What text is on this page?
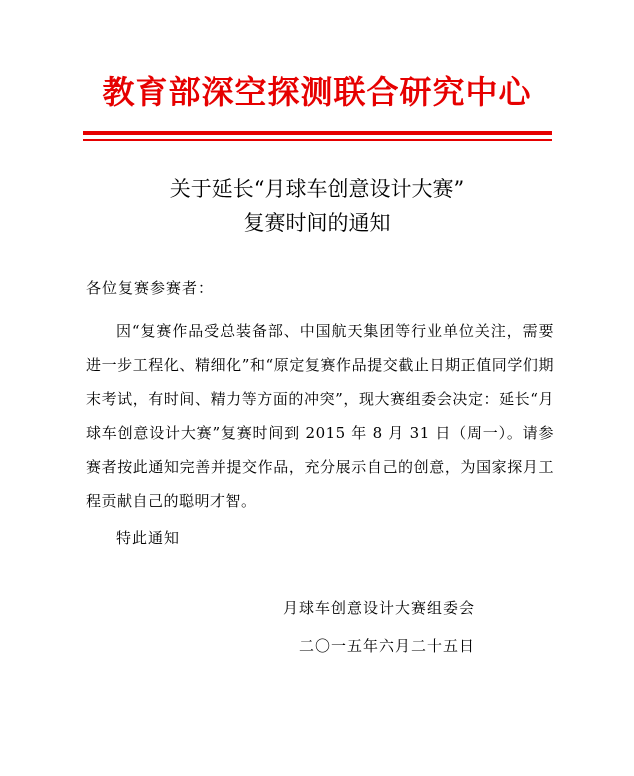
教育部深空探测联合研究中心
关于延长“月球车创意设计大赛”
复赛时间的通知
各位复赛参赛者：
因“复赛作品受总装备部、中国航天集团等行业单位关注，需要进一步工程化、精细化”和“原定复赛作品提交截止日期正值同学们期末考试，有时间、精力等方面的冲突”，现大赛组委会决定：延长“月球车创意设计大赛”复赛时间到 2015 年 8 月 31 日（周一）。请参赛者按此通知完善并提交作品，充分展示自己的创意，为国家探月工程贡献自己的聪明才智。
特此通知
月球车创意设计大赛组委会
二〇一五年六月二十五日
